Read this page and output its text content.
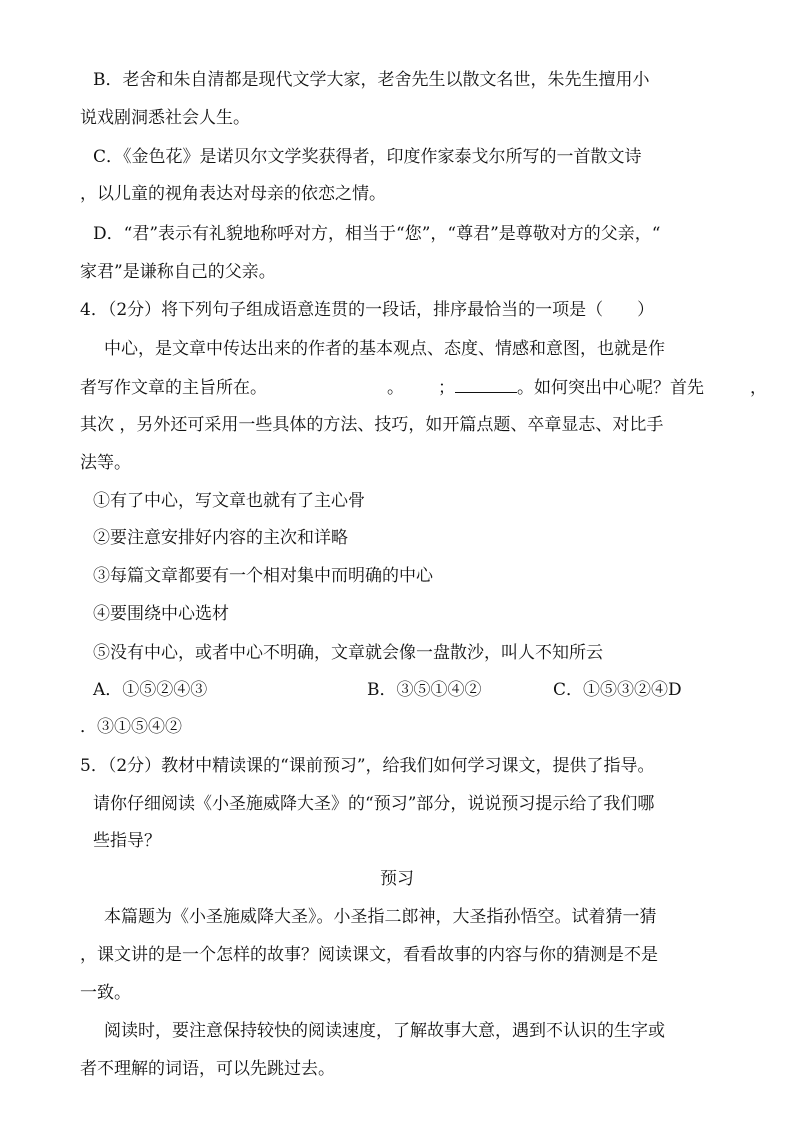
B．老舍和朱自清都是现代文学大家，老舍先生以散文名世，朱先生擅用小

说戏剧洞悉社会人生。

C．《金色花》是诺贝尔文学奖获得者，印度作家泰戈尔所写的一首散文诗

，以儿童的视角表达对母亲的依恋之情。

D．“君”表示有礼貌地称呼对方，相当于“您”，“尊君”是尊敬对方的父亲，“

家君”是谦称自己的父亲。

4．（2分）将下列句子组成语意连贯的一段话，排序最恰当的一项是（　　）

中心，是文章中传达出来的作者的基本观点、态度、情感和意图，也就是作

者写作文章的主旨所在。	。 ；	。如何突出中心呢？首先	，

其次 ，另外还可采用一些具体的方法、技巧，如开篇点题、卒章显志、对比手

法等。

①有了中心，写文章也就有了主心骨

②要注意安排好内容的主次和详略

③每篇文章都要有一个相对集中而明确的中心

④要围绕中心选材

⑤没有中心，或者中心不明确，文章就会像一盘散沙，叫人不知所云

A．①⑤②④③	B．③⑤①④②	C．①⑤③②④D

．③①⑤④②

5．（2分）教材中精读课的“课前预习”，给我们如何学习课文，提供了指导。

请你仔细阅读《小圣施威降大圣》的“预习”部分，说说预习提示给了我们哪

些指导？

预习

本篇题为《小圣施威降大圣》。小圣指二郎神，大圣指孙悟空。试着猜一猜

，课文讲的是一个怎样的故事？阅读课文，看看故事的内容与你的猜测是不是

一致。

阅读时，要注意保持较快的阅读速度，了解故事大意，遇到不认识的生字或

者不理解的词语，可以先跳过去。
